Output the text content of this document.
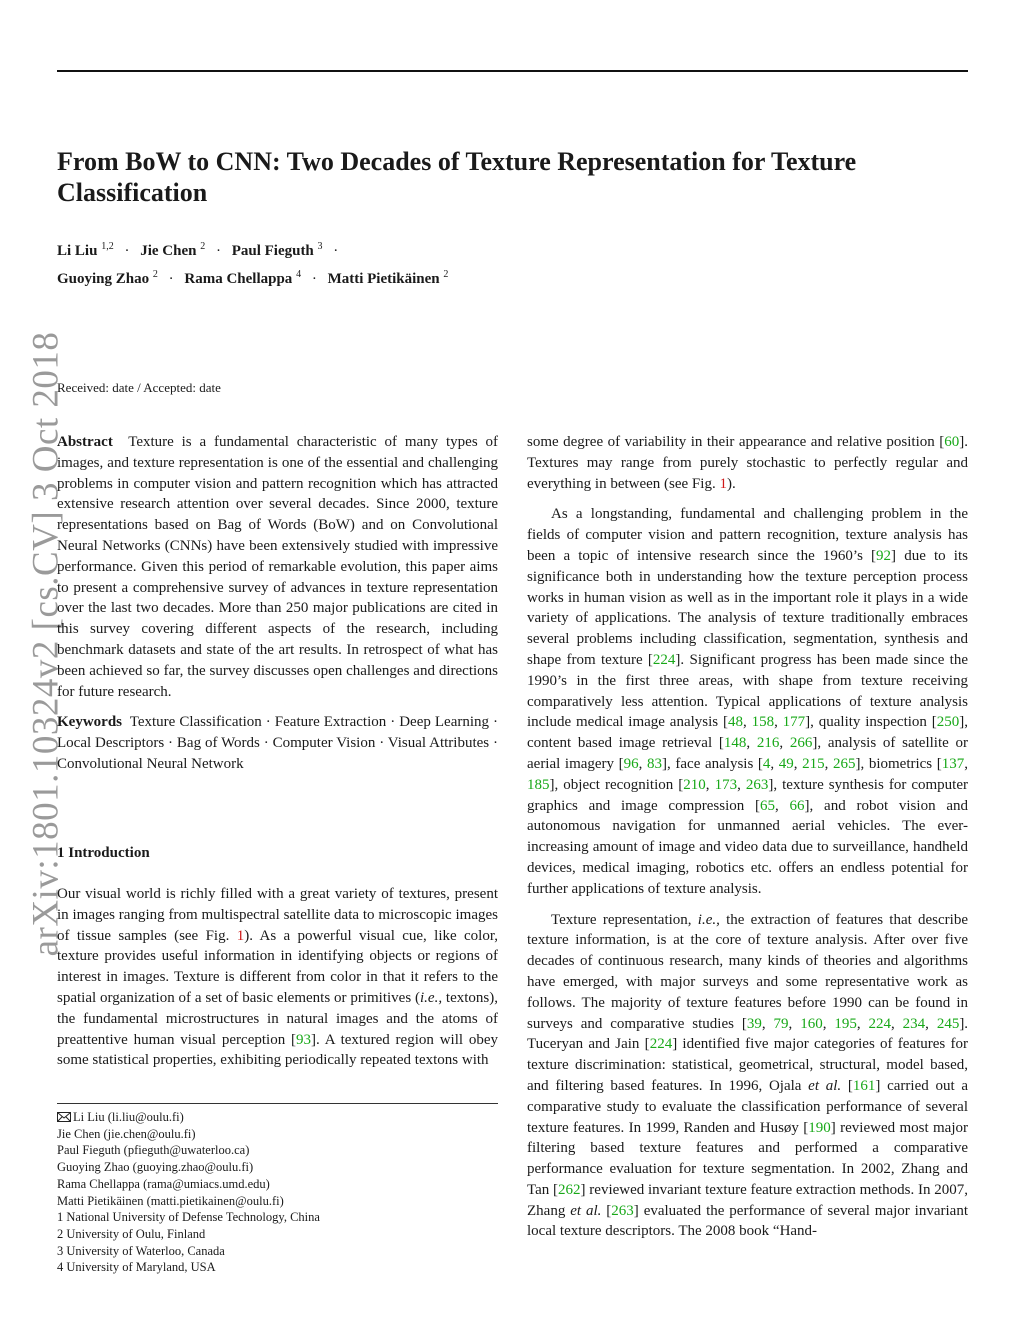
From BoW to CNN: Two Decades of Texture Representation for Texture Classification
Li Liu $^{1,2}$ · Jie Chen $^2$ · Paul Fieguth $^3$ ·
Guoying Zhao $^2$ · Rama Chellappa $^4$ · Matti Pietikäinen $^2$
arXiv:1801.10324v2 [cs.CV] 3 Oct 2018
Received: date / Accepted: date

Abstract Texture is a fundamental characteristic of many types of images, and texture representation is one of the essential and challenging problems in computer vision and pattern recognition which has attracted extensive research attention over several decades. Since 2000, texture representations based on Bag of Words (BoW) and on Convolutional Neural Networks (CNNs) have been extensively studied with impressive performance. Given this period of remarkable evolution, this paper aims to present a comprehensive survey of advances in texture representation over the last two decades. More than 250 major publications are cited in this survey covering different aspects of the research, including benchmark datasets and state of the art results. In retrospect of what has been achieved so far, the survey discusses open challenges and directions for future research.

Keywords Texture Classification · Feature Extraction · Deep Learning · Local Descriptors · Bag of Words · Computer Vision · Visual Attributes · Convolutional Neural Network

1 Introduction

Our visual world is richly filled with a great variety of textures, present in images ranging from multispectral satellite data to microscopic images of tissue samples (see Fig. 1). As a powerful visual cue, like color, texture provides useful information in identifying objects or regions of interest in images. Texture is different from color in that it refers to the spatial organization of a set of basic elements or primitives (i.e., textons), the fundamental microstructures in natural images and the atoms of preattentive human visual perception [93]. A textured region will obey some statistical properties, exhibiting periodically repeated textons with

Li Liu (li.liu@oulu.fi)
Jie Chen (jie.chen@oulu.fi)
Paul Fieguth (pfieguth@uwaterloo.ca)
Guoying Zhao (guoying.zhao@oulu.fi)
Rama Chellappa (rama@umiacs.umd.edu)
Matti Pietikäinen (matti.pietikainen@oulu.fi)
1 National University of Defense Technology, China
2 University of Oulu, Finland
3 University of Waterloo, Canada
4 University of Maryland, USA

some degree of variability in their appearance and relative position [60]. Textures may range from purely stochastic to perfectly regular and everything in between (see Fig. 1).

As a longstanding, fundamental and challenging problem in the fields of computer vision and pattern recognition, texture analysis has been a topic of intensive research since the 1960’s [92] due to its significance both in understanding how the texture perception process works in human vision as well as in the important role it plays in a wide variety of applications. The analysis of texture traditionally embraces several problems including classification, segmentation, synthesis and shape from texture [224]. Significant progress has been made since the 1990’s in the first three areas, with shape from texture receiving comparatively less attention. Typical applications of texture analysis include medical image analysis [48, 158, 177], quality inspection [250], content based image retrieval [148, 216, 266], analysis of satellite or aerial imagery [96, 83], face analysis [4, 49, 215, 265], biometrics [137, 185], object recognition [210, 173, 263], texture synthesis for computer graphics and image compression [65, 66], and robot vision and autonomous navigation for unmanned aerial vehicles. The ever-increasing amount of image and video data due to surveillance, handheld devices, medical imaging, robotics etc. offers an endless potential for further applications of texture analysis.

Texture representation, i.e., the extraction of features that describe texture information, is at the core of texture analysis. After over five decades of continuous research, many kinds of theories and algorithms have emerged, with major surveys and some representative work as follows. The majority of texture features before 1990 can be found in surveys and comparative studies [39, 79, 160, 195, 224, 234, 245]. Tuceryan and Jain [224] identified five major categories of features for texture discrimination: statistical, geometrical, structural, model based, and filtering based features. In 1996, Ojala et al. [161] carried out a comparative study to evaluate the classification performance of several texture features. In 1999, Randen and Husøy [190] reviewed most major filtering based texture features and performed a comparative performance evaluation for texture segmentation. In 2002, Zhang and Tan [262] reviewed invariant texture feature extraction methods. In 2007, Zhang et al. [263] evaluated the performance of several major invariant local texture descriptors. The 2008 book “Hand-
